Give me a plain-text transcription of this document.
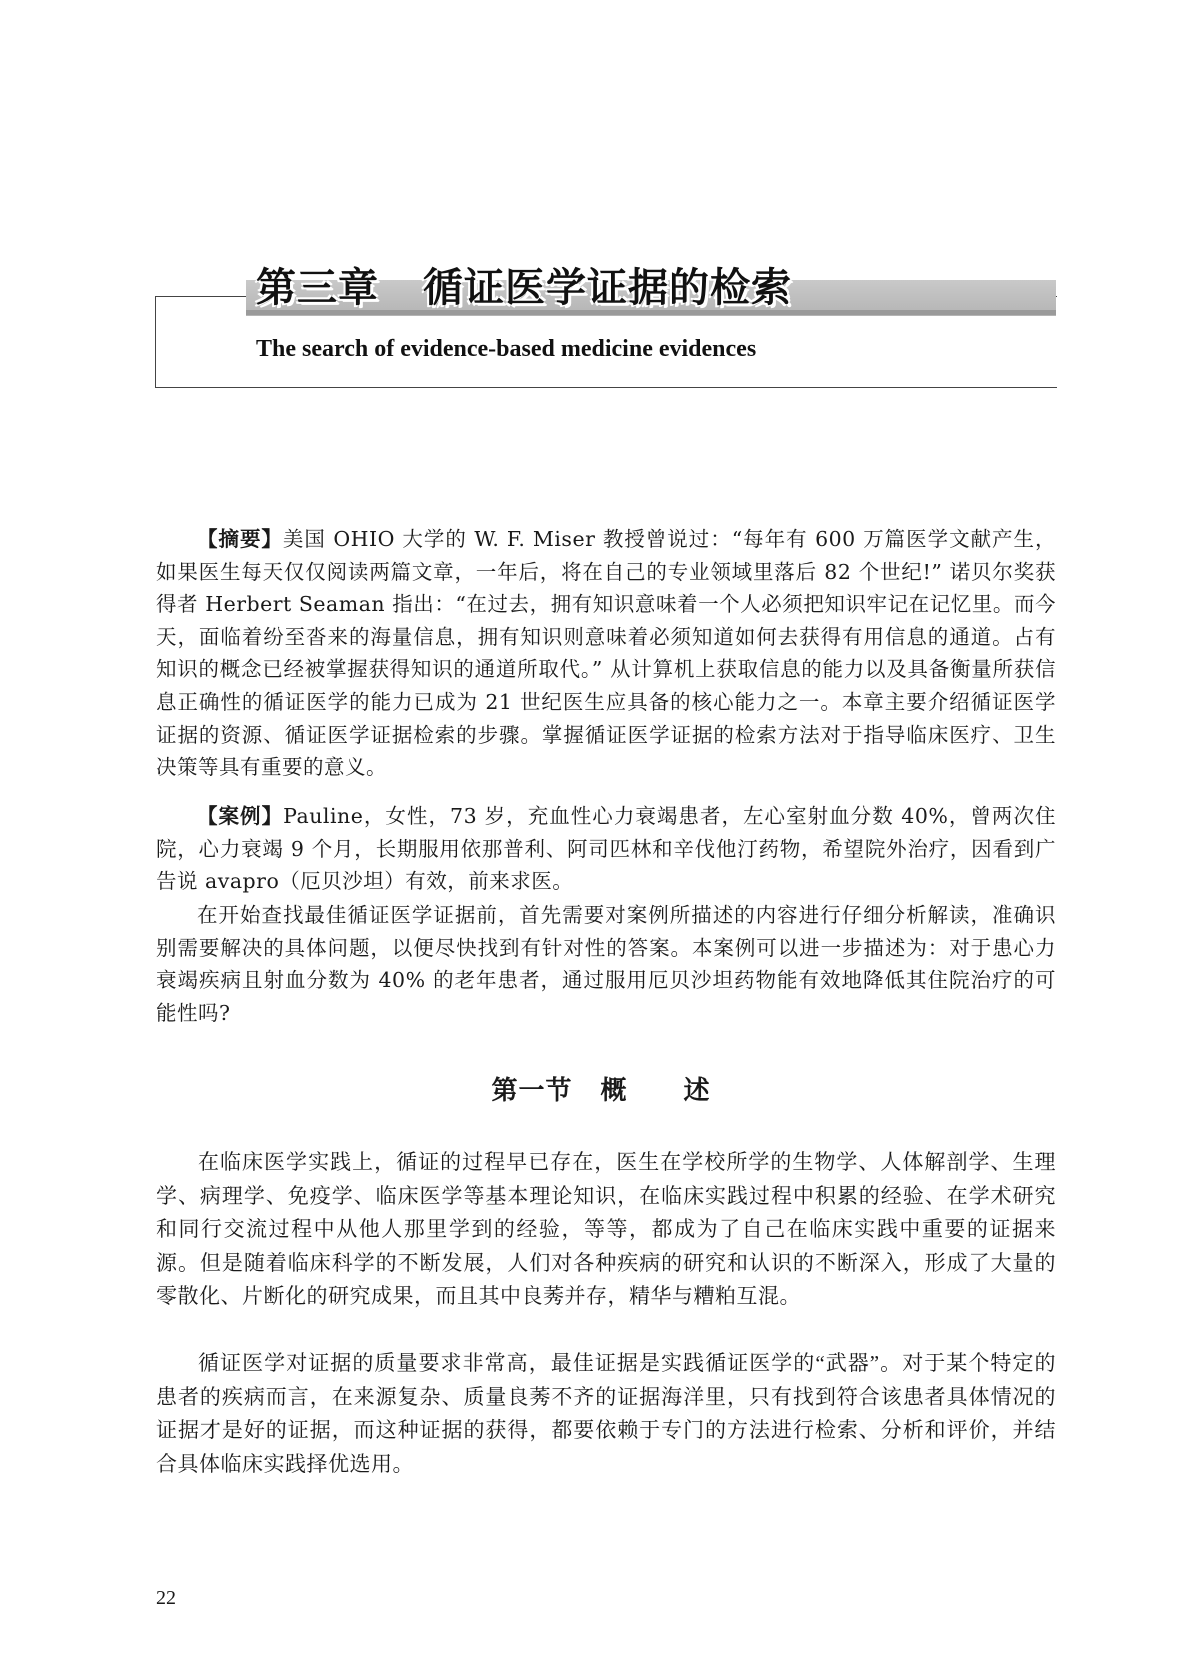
第三章 循证医学证据的检索
The search of evidence-based medicine evidences

【摘要】美国 OHIO 大学的 W. F. Miser 教授曾说过：“每年有 600 万篇医学文献产生，如果医生每天仅仅阅读两篇文章，一年后，将在自己的专业领域里落后 82 个世纪!” 诺贝尔奖获得者 Herbert Seaman 指出：“在过去，拥有知识意味着一个人必须把知识牢记在记忆里。而今天，面临着纷至沓来的海量信息，拥有知识则意味着必须知道如何去获得有用信息的通道。占有知识的概念已经被掌握获得知识的通道所取代。” 从计算机上获取信息的能力以及具备衡量所获信息正确性的循证医学的能力已成为 21 世纪医生应具备的核心能力之一。本章主要介绍循证医学证据的资源、循证医学证据检索的步骤。掌握循证医学证据的检索方法对于指导临床医疗、卫生决策等具有重要的意义。

【案例】Pauline，女性，73 岁，充血性心力衰竭患者，左心室射血分数 40%，曾两次住院，心力衰竭 9 个月，长期服用依那普利、阿司匹林和辛伐他汀药物，希望院外治疗，因看到广告说 avapro（厄贝沙坦）有效，前来求医。

在开始查找最佳循证医学证据前，首先需要对案例所描述的内容进行仔细分析解读，准确识别需要解决的具体问题，以便尽快找到有针对性的答案。本案例可以进一步描述为：对于患心力衰竭疾病且射血分数为 40% 的老年患者，通过服用厄贝沙坦药物能有效地降低其住院治疗的可能性吗?

第一节 概 述

在临床医学实践上，循证的过程早已存在，医生在学校所学的生物学、人体解剖学、生理学、病理学、免疫学、临床医学等基本理论知识，在临床实践过程中积累的经验、在学术研究和同行交流过程中从他人那里学到的经验，等等，都成为了自己在临床实践中重要的证据来源。但是随着临床科学的不断发展，人们对各种疾病的研究和认识的不断深入，形成了大量的零散化、片断化的研究成果，而且其中良莠并存，精华与糟粕互混。

循证医学对证据的质量要求非常高，最佳证据是实践循证医学的“武器”。对于某个特定的患者的疾病而言，在来源复杂、质量良莠不齐的证据海洋里，只有找到符合该患者具体情况的证据才是好的证据，而这种证据的获得，都要依赖于专门的方法进行检索、分析和评价，并结合具体临床实践择优选用。

22
